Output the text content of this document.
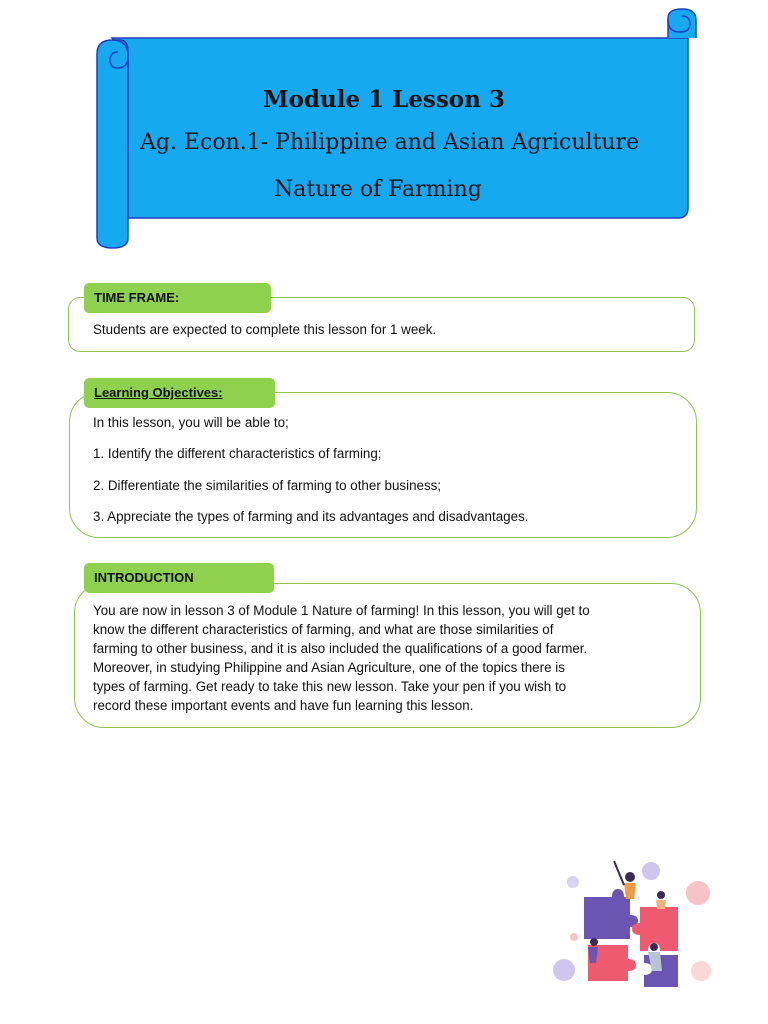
Module 1 Lesson 3
Ag. Econ.1- Philippine and Asian Agriculture
Nature of Farming
TIME FRAME:
Students are expected to complete this lesson for 1 week.
Learning Objectives:
In this lesson, you will be able to;
1. Identify the different characteristics of farming;
2. Differentiate the similarities of farming to other business;
3. Appreciate the types of farming and its advantages and disadvantages.
INTRODUCTION
You are now in lesson 3 of Module 1 Nature of farming! In this lesson, you will get to
know the different characteristics of farming, and what are those similarities of
farming to other business, and it is also included the qualifications of a good farmer.
Moreover, in studying Philippine and Asian Agriculture, one of the topics there is
types of farming. Get ready to take this new lesson. Take your pen if you wish to
record these important events and have fun learning this lesson.
